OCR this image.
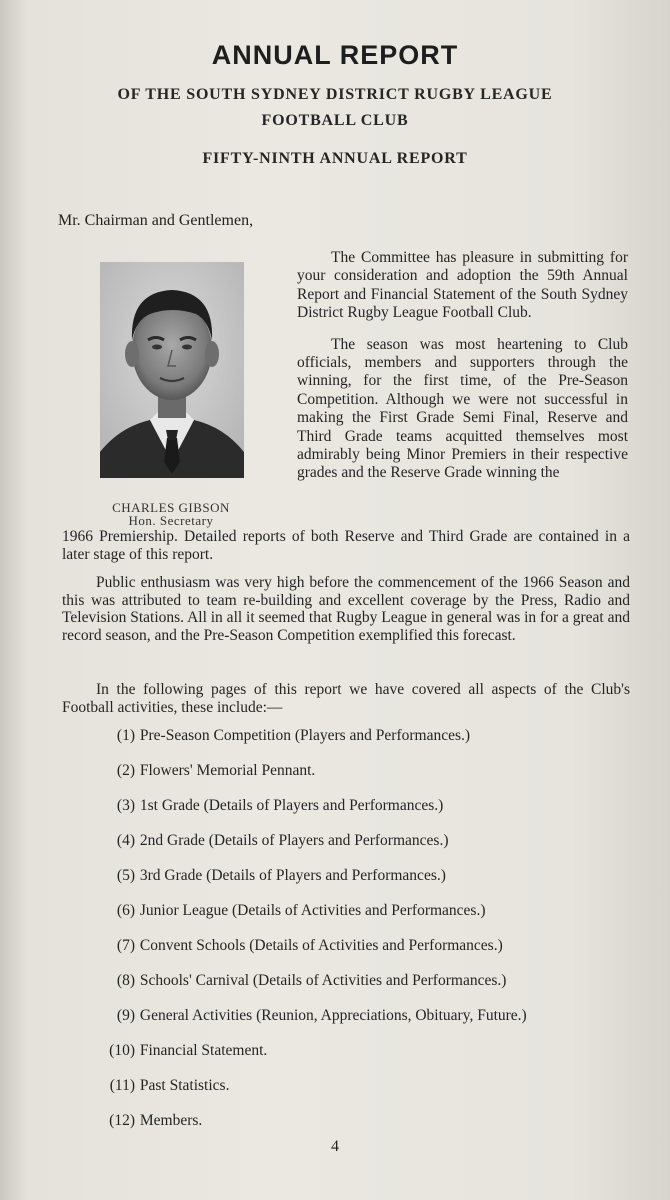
ANNUAL REPORT
OF THE SOUTH SYDNEY DISTRICT RUGBY LEAGUE
FOOTBALL CLUB
FIFTY-NINTH ANNUAL REPORT
Mr. Chairman and Gentlemen,
CHARLES GIBSON
Hon. Secretary

The Committee has pleasure in submitting for your consideration and adoption the 59th Annual Report and Financial Statement of the South Sydney District Rugby League Football Club.

The season was most heartening to Club officials, members and supporters through the winning, for the first time, of the Pre-Season Competition. Although we were not successful in making the First Grade Semi Final, Reserve and Third Grade teams acquitted themselves most admirably being Minor Premiers in their respective grades and the Reserve Grade winning the

1966 Premiership. Detailed reports of both Reserve and Third Grade are contained in a later stage of this report.

Public enthusiasm was very high before the commencement of the 1966 Season and this was attributed to team re-building and excellent coverage by the Press, Radio and Television Stations. All in all it seemed that Rugby League in general was in for a great and record season, and the Pre-Season Competition exemplified this forecast.

In the following pages of this report we have covered all aspects of the Club's Football activities, these include:—

(1) Pre-Season Competition (Players and Performances.)
(2) Flowers' Memorial Pennant.
(3) 1st Grade (Details of Players and Performances.)
(4) 2nd Grade (Details of Players and Performances.)
(5) 3rd Grade (Details of Players and Performances.)
(6) Junior League (Details of Activities and Performances.)
(7) Convent Schools (Details of Activities and Performances.)
(8) Schools' Carnival (Details of Activities and Performances.)
(9) General Activities (Reunion, Appreciations, Obituary, Future.)
(10) Financial Statement.
(11) Past Statistics.
(12) Members.
4
